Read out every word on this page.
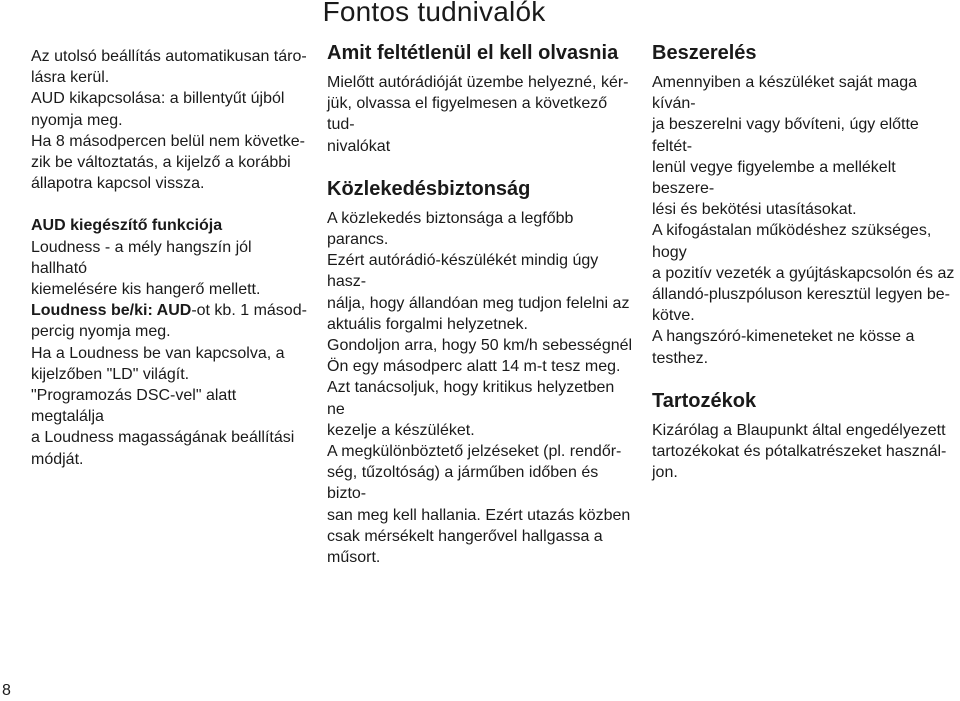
Fontos tudnivalók

Az utolsó beállítás automatikusan táro-

lásra kerül.

AUD kikapcsolása: a billentyűt újból

nyomja meg.

Ha 8 másodpercen belül nem követke-

zik be változtatás, a kijelző a korábbi

állapotra kapcsol vissza.

AUD kiegészítő funkciója

Loudness - a mély hangszín jól hallható

kiemelésére kis hangerő mellett.

Loudness be/ki: AUD-ot kb. 1 másod-

percig nyomja meg.

Ha a Loudness be van kapcsolva, a

kijelzőben "LD" világít.

"Programozás DSC-vel" alatt megtalálja

a Loudness magasságának beállítási

módját.

Amit feltétlenül el kell olvasnia

Mielőtt autórádióját üzembe helyezné, kér-

jük, olvassa el figyelmesen a következő tud-

nivalókat

Közlekedésbiztonság

A közlekedés biztonsága a legfőbb parancs.

Ezért autórádió-készülékét mindig úgy hasz-

nálja, hogy állandóan meg tudjon felelni az

aktuális forgalmi helyzetnek.

Gondoljon arra, hogy 50 km/h sebességnél

Ön egy másodperc alatt 14 m-t tesz meg.

Azt tanácsoljuk, hogy kritikus helyzetben ne

kezelje a készüléket.

A megkülönböztető jelzéseket (pl. rendőr-

ség, tűzoltóság) a járműben időben és bizto-

san meg kell hallania. Ezért utazás közben

csak mérsékelt hangerővel hallgassa a

műsort.

Beszerelés

Amennyiben a készüléket saját maga kíván-

ja beszerelni vagy bővíteni, úgy előtte feltét-

lenül vegye figyelembe a mellékelt beszere-

lési és bekötési utasításokat.

A kifogástalan működéshez szükséges, hogy

a pozitív vezeték a gyújtáskapcsolón és az

állandó-pluszpóluson keresztül legyen be-

kötve.

A hangszóró-kimeneteket ne kösse a testhez.

Tartozékok

Kizárólag a Blaupunkt által engedélyezett

tartozékokat és pótalkatrészeket használ-

jon.

8
